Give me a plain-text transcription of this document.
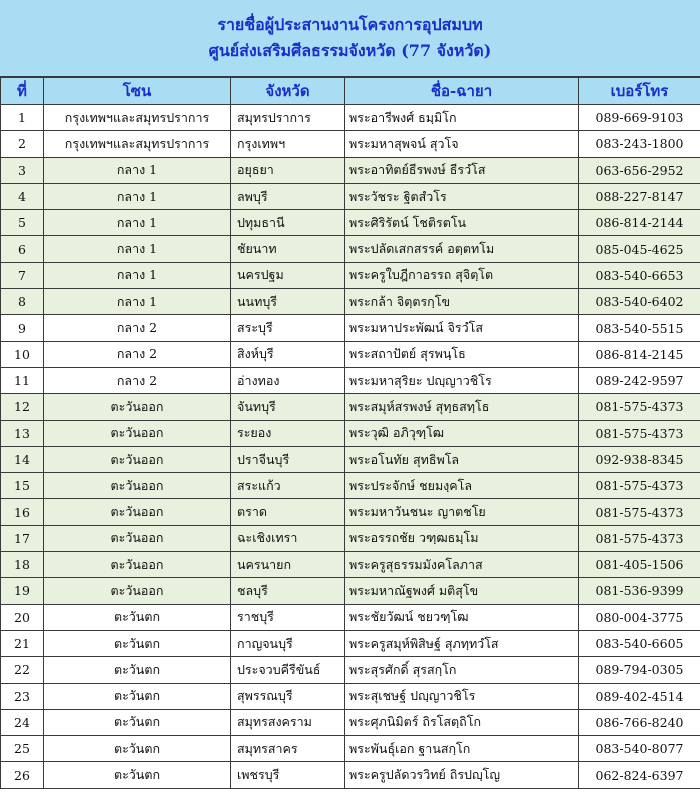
รายชื่อผู้ประสานงานโครงการอุปสมบท
ศูนย์ส่งเสริมศีลธรรมจังหวัด (77 จังหวัด)
ที่	โซน	จังหวัด	ชื่อ-ฉายา	เบอร์โทร
1	กรุงเทพฯและสมุทรปราการ	สมุทรปราการ	พระอารีพงศ์ ธมฺมิโก	089-669-9103
2	กรุงเทพฯและสมุทรปราการ	กรุงเทพฯ	พระมหาสุพจน์ สุวโจ	083-243-1800
3	กลาง 1	อยุธยา	พระอาทิตย์ธีรพงษ์ ธีรวํโส	063-656-2952
4	กลาง 1	ลพบุรี	พระวัชระ ฐิตสํวโร	088-227-8147
5	กลาง 1	ปทุมธานี	พระศิริรัตน์ โชติรตโน	086-814-2144
6	กลาง 1	ชัยนาท	พระปลัดเสกสรรค์ อตฺตทโม	085-045-4625
7	กลาง 1	นครปฐม	พระครูใบฎีกาอรรถ สุจิตฺโต	083-540-6653
8	กลาง 1	นนทบุรี	พระกล้า จิตฺตรกฺโข	083-540-6402
9	กลาง 2	สระบุรี	พระมหาประพัฒน์ จิรวํโส	083-540-5515
10	กลาง 2	สิงห์บุรี	พระสถาปัตย์ สุรพนฺโธ	086-814-2145
11	กลาง 2	อ่างทอง	พระมหาสุริยะ ปญฺญาวชิโร	089-242-9597
12	ตะวันออก	จันทบุรี	พระสมุห์สรพงษ์ สุทฺธสทฺโธ	081-575-4373
13	ตะวันออก	ระยอง	พระวุฒิ อภิวุฑฺโฒ	081-575-4373
14	ตะวันออก	ปราจีนบุรี	พระอโนทัย สุทธิพโล	092-938-8345
15	ตะวันออก	สระแก้ว	พระประจักษ์ ชยมงฺคโล	081-575-4373
16	ตะวันออก	ตราด	พระมหาวันชนะ ญาตชโย	081-575-4373
17	ตะวันออก	ฉะเชิงเทรา	พระอรรถชัย วฑฺฒธมฺโม	081-575-4373
18	ตะวันออก	นครนายก	พระครูสุธรรมมังคโลภาส	081-405-1506
19	ตะวันออก	ชลบุรี	พระมหาณัฐพงศ์ มติสุโข	081-536-9399
20	ตะวันตก	ราชบุรี	พระชัยวัฒน์ ชยวฑฺโฒ	080-004-3775
21	ตะวันตก	กาญจนบุรี	พระครูสมุห์พิสิษฐ์ สุภทฺทวํโส	083-540-6605
22	ตะวันตก	ประจวบคีรีขันธ์	พระสุรศักดิ์ สุรสกฺโก	089-794-0305
23	ตะวันตก	สุพรรณบุรี	พระสุเชษฐ์ ปญฺญาวชิโร	089-402-4514
24	ตะวันตก	สมุทรสงคราม	พระศุภนิมิตร์ ถิรโสตฺถิโก	086-766-8240
25	ตะวันตก	สมุทรสาคร	พระพันธุ์เอก ฐานสกฺโก	083-540-8077
26	ตะวันตก	เพชรบุรี	พระครูปลัดวรวิทย์ ถิรปญฺโญ	062-824-6397
